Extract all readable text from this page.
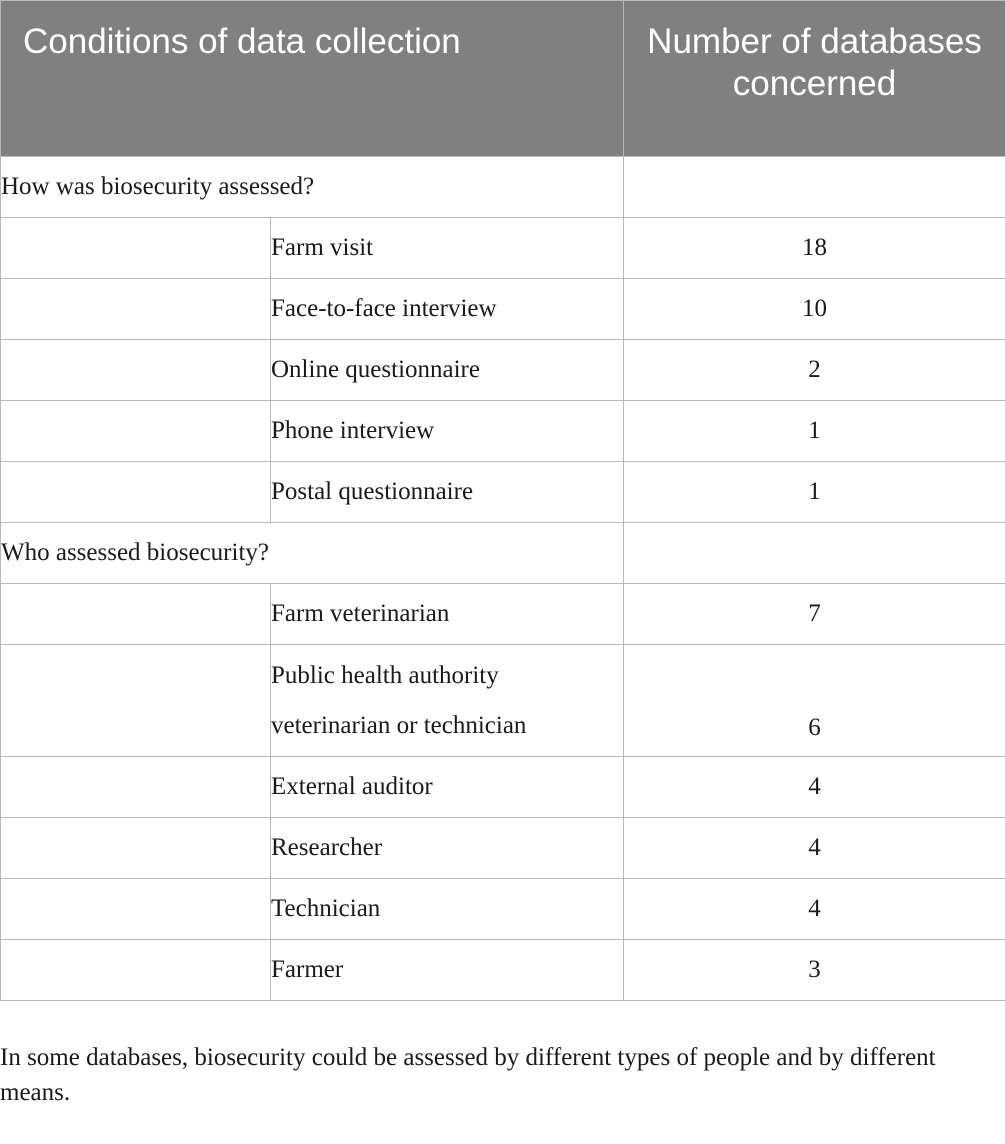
Conditions of data collection		Number of databases concerned
How was biosecurity assessed?		
	Farm visit	18
	Face-to-face interview	10
	Online questionnaire	2
	Phone interview	1
	Postal questionnaire	1
Who assessed biosecurity?		
	Farm veterinarian	7
	Public health authority veterinarian or technician	6
	External auditor	4
	Researcher	4
	Technician	4
	Farmer	3

In some databases, biosecurity could be assessed by different types of people and by different means.
